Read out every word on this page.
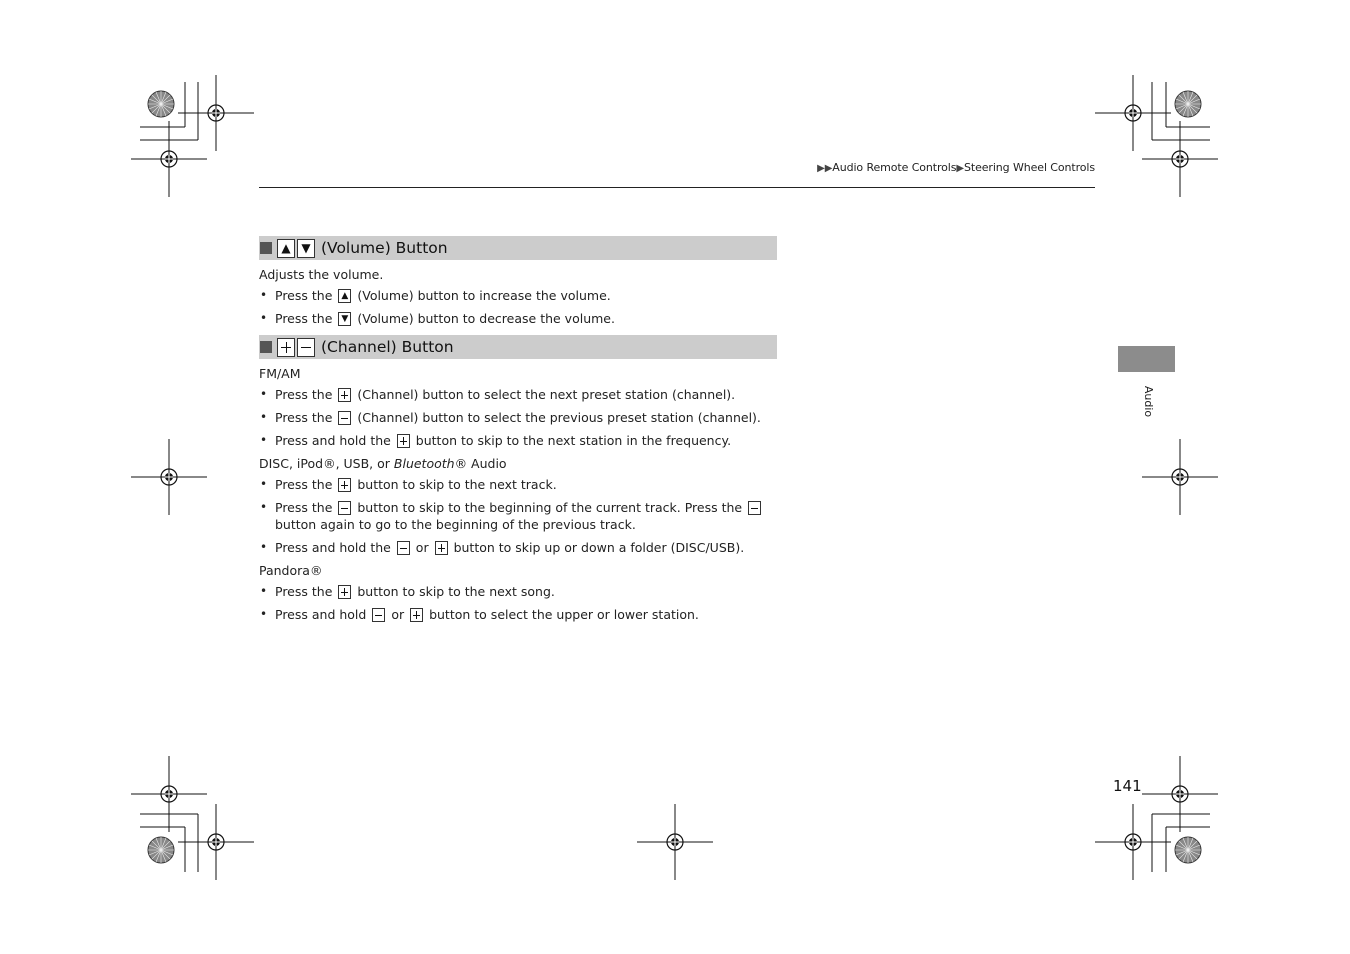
▶▶Audio Remote Controls▶Steering Wheel Controls
Audio
▲ ▼ (Volume) Button

Adjusts the volume.

• Press the ▲ (Volume) button to increase the volume.
• Press the ▼ (Volume) button to decrease the volume.
(Channel) Button

FM/AM

• Press the (Channel) button to select the next preset station (channel).
• Press the (Channel) button to select the previous preset station (channel).
• Press and hold the button to skip to the next station in the frequency.

DISC, iPod®, USB, or Bluetooth® Audio

• Press the button to skip to the next track.
• Press the button to skip to the beginning of the current track. Press the
button again to go to the beginning of the previous track.
• Press and hold the or button to skip up or down a folder (DISC/USB).

Pandora®

• Press the button to skip to the next song.
• Press and hold or button to select the upper or lower station.
141
